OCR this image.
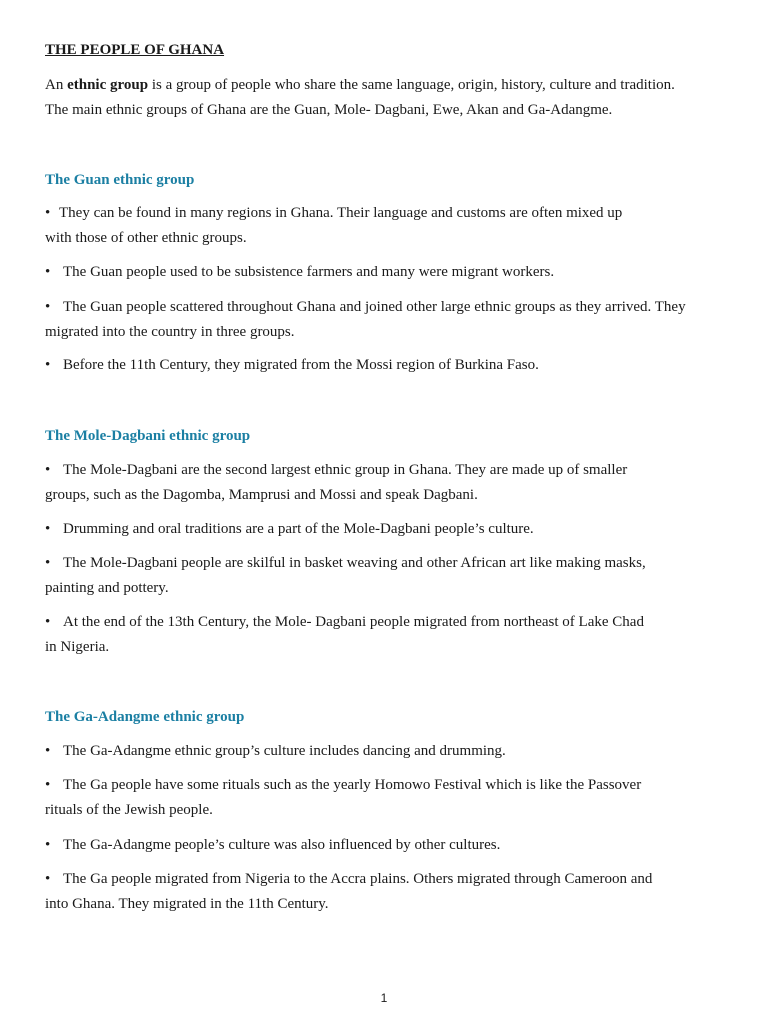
THE PEOPLE OF GHANA

An ethnic group is a group of people who share the same language, origin, history, culture and tradition.
The main ethnic groups of Ghana are the Guan, Mole- Dagbani, Ewe, Akan and Ga-Adangme.

The Guan ethnic group

• They can be found in many regions in Ghana. Their language and customs are often mixed up
with those of other ethnic groups.

• The Guan people used to be subsistence farmers and many were migrant workers.

• The Guan people scattered throughout Ghana and joined other large ethnic groups as they arrived. They
migrated into the country in three groups.

• Before the 11th Century, they migrated from the Mossi region of Burkina Faso.

The Mole-Dagbani ethnic group

• The Mole-Dagbani are the second largest ethnic group in Ghana. They are made up of smaller
groups, such as the Dagomba, Mamprusi and Mossi and speak Dagbani.

• Drumming and oral traditions are a part of the Mole-Dagbani people’s culture.

• The Mole-Dagbani people are skilful in basket weaving and other African art like making masks,
painting and pottery.

• At the end of the 13th Century, the Mole- Dagbani people migrated from northeast of Lake Chad
in Nigeria.

The Ga-Adangme ethnic group

• The Ga-Adangme ethnic group’s culture includes dancing and drumming.

• The Ga people have some rituals such as the yearly Homowo Festival which is like the Passover
rituals of the Jewish people.

• The Ga-Adangme people’s culture was also influenced by other cultures.

• The Ga people migrated from Nigeria to the Accra plains. Others migrated through Cameroon and
into Ghana. They migrated in the 11th Century.

1
